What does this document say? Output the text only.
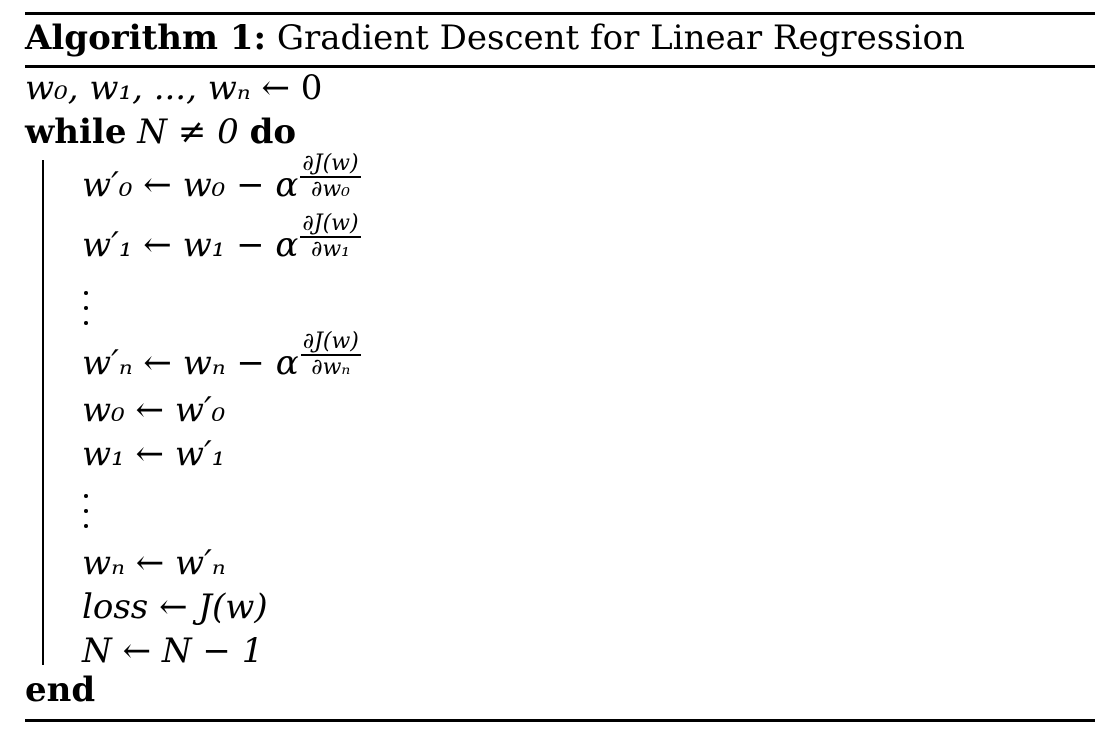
Algorithm 1: Gradient Descent for Linear Regression
w₀, w₁, ..., wₙ ← 0
while N ≠ 0 do
w′₀ ← w₀ − α $\frac{\partial J(w)}{\text{∂w₀}}$
w′₁ ← w₁ − α $\frac{\partial J(w)}{\text{∂w₁}}$
w′ₙ ← wₙ − α $\frac{\partial J(w)}{\text{∂wₙ}}$
w₀ ← w′₀
w₁ ← w′₁
wₙ ← w′ₙ
loss ← J(w)
N ← N − 1
end
